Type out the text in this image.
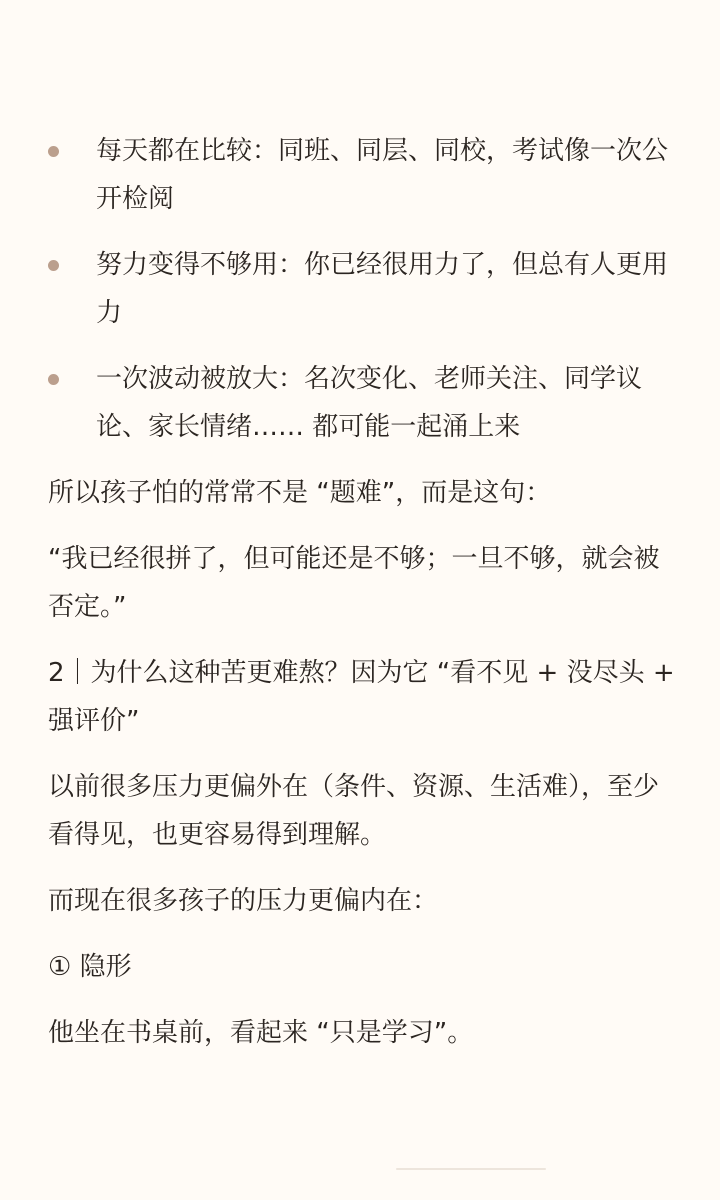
每天都在比较：同班、同层、同校，考试像一次公开检阅
努力变得不够用：你已经很用力了，但总有人更用力
一次波动被放大：名次变化、老师关注、同学议论、家长情绪…… 都可能一起涌上来

所以孩子怕的常常不是 “题难”，而是这句：

“我已经很拼了，但可能还是不够；一旦不够，就会被否定。”

2｜为什么这种苦更难熬？因为它 “看不见 + 没尽头 + 强评价”

以前很多压力更偏外在（条件、资源、生活难），至少看得见，也更容易得到理解。

而现在很多孩子的压力更偏内在：

① 隐形

他坐在书桌前，看起来 “只是学习”。
